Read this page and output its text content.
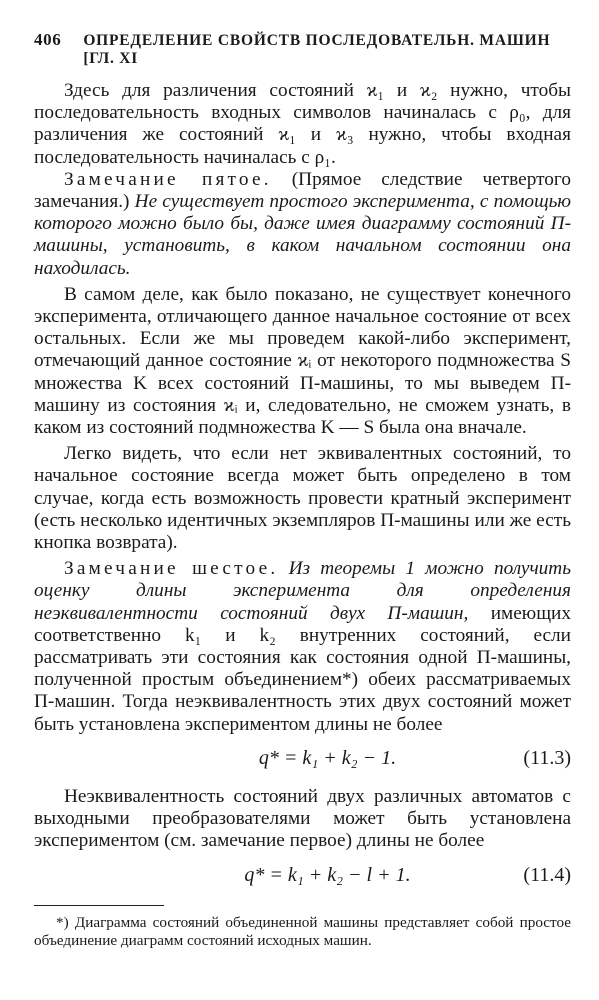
406 ОПРЕДЕЛЕНИЕ СВОЙСТВ ПОСЛЕДОВАТЕЛЬН. МАШИН [ГЛ. XI

Здесь для различения состояний ϰ₁ и ϰ₂ нужно, чтобы последовательность входных символов начиналась с ρ₀, для различения же состояний ϰ₁ и ϰ₃ нужно, чтобы входная последовательность начиналась с ρ₁.

Замечание пятое. (Прямое следствие четвертого замечания.) Не существует простого эксперимента, с помощью которого можно было бы, даже имея диаграмму состояний П-машины, установить, в каком начальном состоянии она находилась.

В самом деле, как было показано, не существует конечного эксперимента, отличающего данное начальное состояние от всех остальных. Если же мы проведем какой-либо эксперимент, отмечающий данное состояние ϰᵢ от некоторого подмножества S множества K всех состояний П-машины, то мы выведем П-машину из состояния ϰᵢ и, следовательно, не сможем узнать, в каком из состояний подмножества K — S была она вначале.

Легко видеть, что если нет эквивалентных состояний, то начальное состояние всегда может быть определено в том случае, когда есть возможность провести кратный эксперимент (есть несколько идентичных экземпляров П-машины или же есть кнопка возврата).

Замечание шестое. Из теоремы 1 можно получить оценку длины эксперимента для определения неэквивалентности состояний двух П-машин, имеющих соответственно k₁ и k₂ внутренних состояний, если рассматривать эти состояния как состояния одной П-машины, полученной простым объединением*) обеих рассматриваемых П-машин. Тогда неэквивалентность этих двух состояний может быть установлена экспериментом длины не более

q* = k₁ + k₂ − 1.	(11.3)

Неэквивалентность состояний двух различных автоматов с выходными преобразователями может быть установлена экспериментом (см. замечание первое) длины не более

q* = k₁ + k₂ − l + 1.	(11.4)
*) Диаграмма состояний объединенной машины представляет собой простое объединение диаграмм состояний исходных машин.
